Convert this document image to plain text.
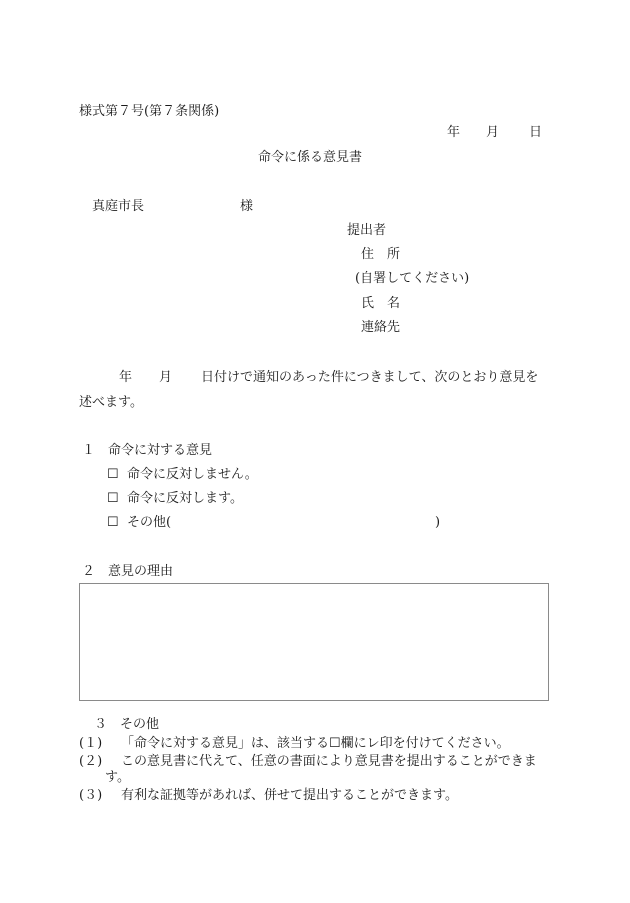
様式第７号(第７条関係)
年 月 日
命令に係る意見書
真庭市長	様
提出者
住　所
(自署してください)
氏　名
連絡先
年 月 日付けで通知のあった件につきまして、次のとおり意見を
述べます。
１　命令に対する意見
☐ 命令に反対しません。
☐ 命令に反対します。
☐ その他(	)
２　意見の理由
３　その他
(１) 「命令に対する意見」は、該当する☐欄にレ印を付けてください。
(２) この意見書に代えて、任意の書面により意見書を提出することができま
す。
(３) 有利な証拠等があれば、併せて提出することができます。
